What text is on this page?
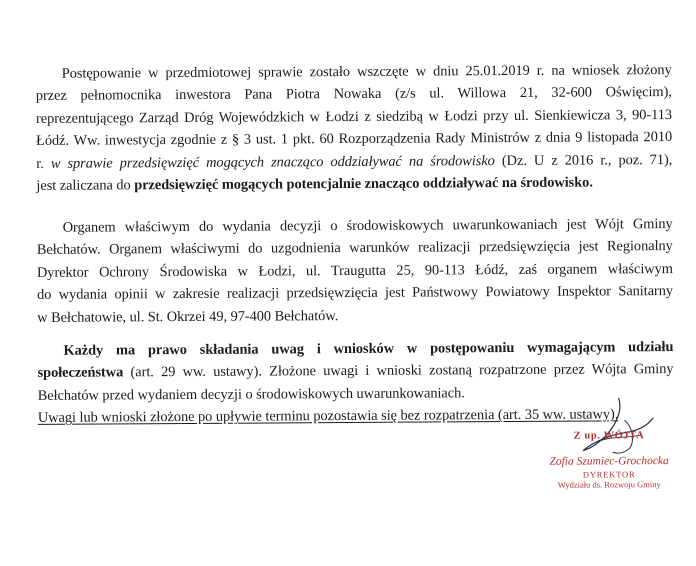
Postępowanie w przedmiotowej sprawie zostało wszczęte w dniu 25.01.2019 r. na wniosek złożony
przez pełnomocnika inwestora Pana Piotra Nowaka (z/s ul. Willowa 21, 32-600 Oświęcim),
reprezentującego Zarząd Dróg Wojewódzkich w Łodzi z siedzibą w Łodzi przy ul. Sienkiewicza 3, 90-113
Łódź. Ww. inwestycja zgodnie z § 3 ust. 1 pkt. 60 Rozporządzenia Rady Ministrów z dnia 9 listopada 2010
r. w sprawie przedsięwzięć mogących znacząco oddziaływać na środowisko (Dz. U z 2016 r., poz. 71),
jest zaliczana do przedsięwzięć mogących potencjalnie znacząco oddziaływać na środowisko.
Organem właściwym do wydania decyzji o środowiskowych uwarunkowaniach jest Wójt Gminy
Bełchatów. Organem właściwymi do uzgodnienia warunków realizacji przedsięwzięcia jest Regionalny
Dyrektor Ochrony Środowiska w Łodzi, ul. Traugutta 25, 90-113 Łódź, zaś organem właściwym
do wydania opinii w zakresie realizacji przedsięwzięcia jest Państwowy Powiatowy Inspektor Sanitarny
w Bełchatowie, ul. St. Okrzei 49, 97-400 Bełchatów.
Każdy ma prawo składania uwag i wniosków w postępowaniu wymagającym udziału
społeczeństwa (art. 29 ww. ustawy). Złożone uwagi i wnioski zostaną rozpatrzone przez Wójta Gminy
Bełchatów przed wydaniem decyzji o środowiskowych uwarunkowaniach.
Uwagi lub wnioski złożone po upływie terminu pozostawia się bez rozpatrzenia (art. 35 ww. ustawy).
Z up. WÓJTA
Zofia Szumiec-Grochocka
DYREKTOR
Wydziału ds. Rozwoju Gminy
